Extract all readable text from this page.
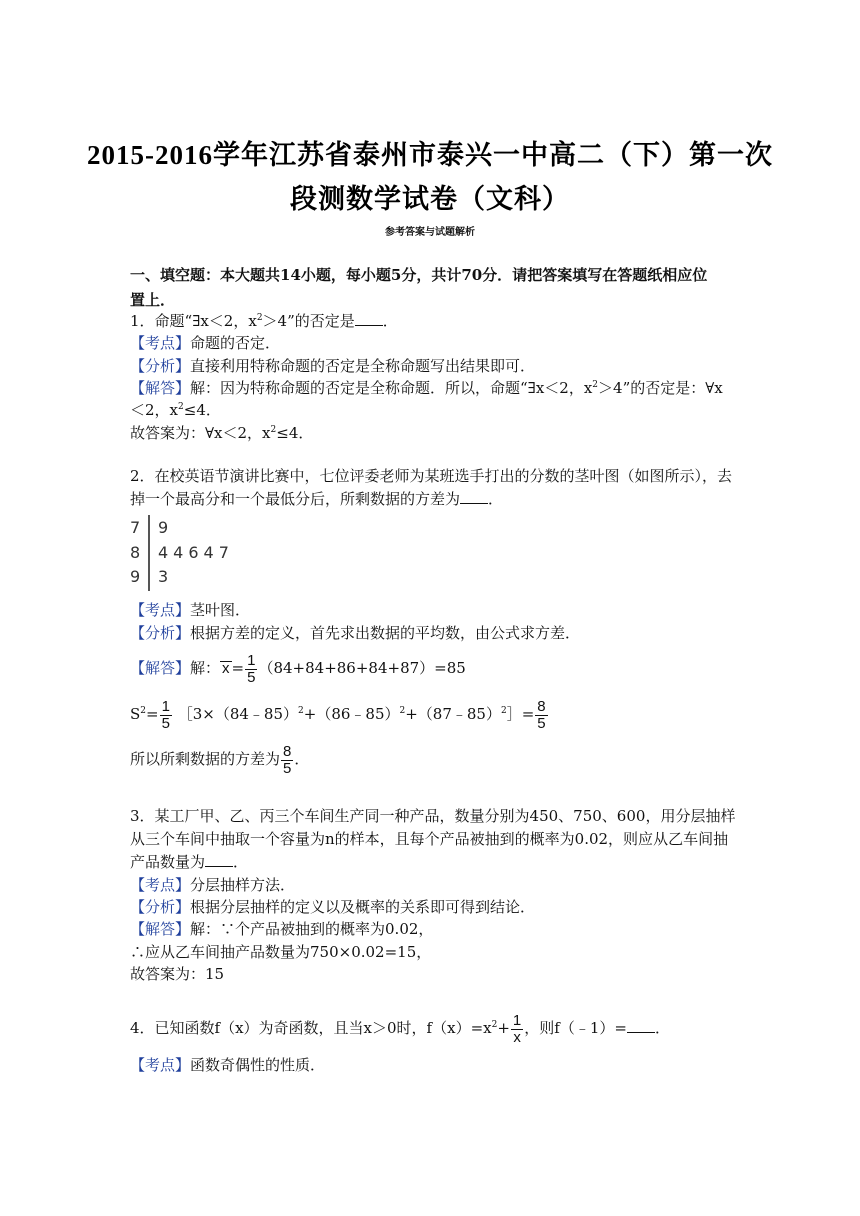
2015-2016学年江苏省泰州市泰兴一中高二（下）第一次
段测数学试卷（文科）
参考答案与试题解析
一、填空题：本大题共14小题，每小题5分，共计70分．请把答案填写在答题纸相应位
置上．
1．命题“∃x＜2，$x^2>4$”的否定是 ．
【考点】命题的否定．
【分析】直接利用特称命题的否定是全称命题写出结果即可．
【解答】解：因为特称命题的否定是全称命题．所以，命题“∃x＜2，$x^2>4$”的否定是：∀x
＜2，$x^2\le 4$．
故答案为：∀x＜2，$x^2\le 4$．
2．在校英语节演讲比赛中，七位评委老师为某班选手打出的分数的茎叶图（如图所示），去
掉一个最高分和一个最低分后，所剩数据的方差为 ．
7 9
8 44647
9 3
【考点】茎叶图．
【分析】根据方差的定义，首先求出数据的平均数，由公式求方差．
【解答】解： $x = \frac{1}{5} (84+84+86+84+87)=85$
$S^2= \frac{1}{5}$ ［3×（84﹣85）$^2$+（86﹣85）$^2$+（87﹣85）$^2$］= $\frac{8}{5}$
所以所剩数据的方差为 $\frac{8}{5}$ ．
3．某工厂甲、乙、丙三个车间生产同一种产品，数量分别为450、750、600，用分层抽样
从三个车间中抽取一个容量为n的样本，且每个产品被抽到的概率为0.02，则应从乙车间抽
产品数量为 ．
【考点】分层抽样方法．
【分析】根据分层抽样的定义以及概率的关系即可得到结论．
【解答】解：∵个产品被抽到的概率为0.02，
∴应从乙车间抽产品数量为750×0.02=15，
故答案为：15
4．已知函数f（x）为奇函数，且当x＞0时，$f(x)=x^2+ \frac{1}{x}$ ，则f（﹣1）= ．
【考点】函数奇偶性的性质．
